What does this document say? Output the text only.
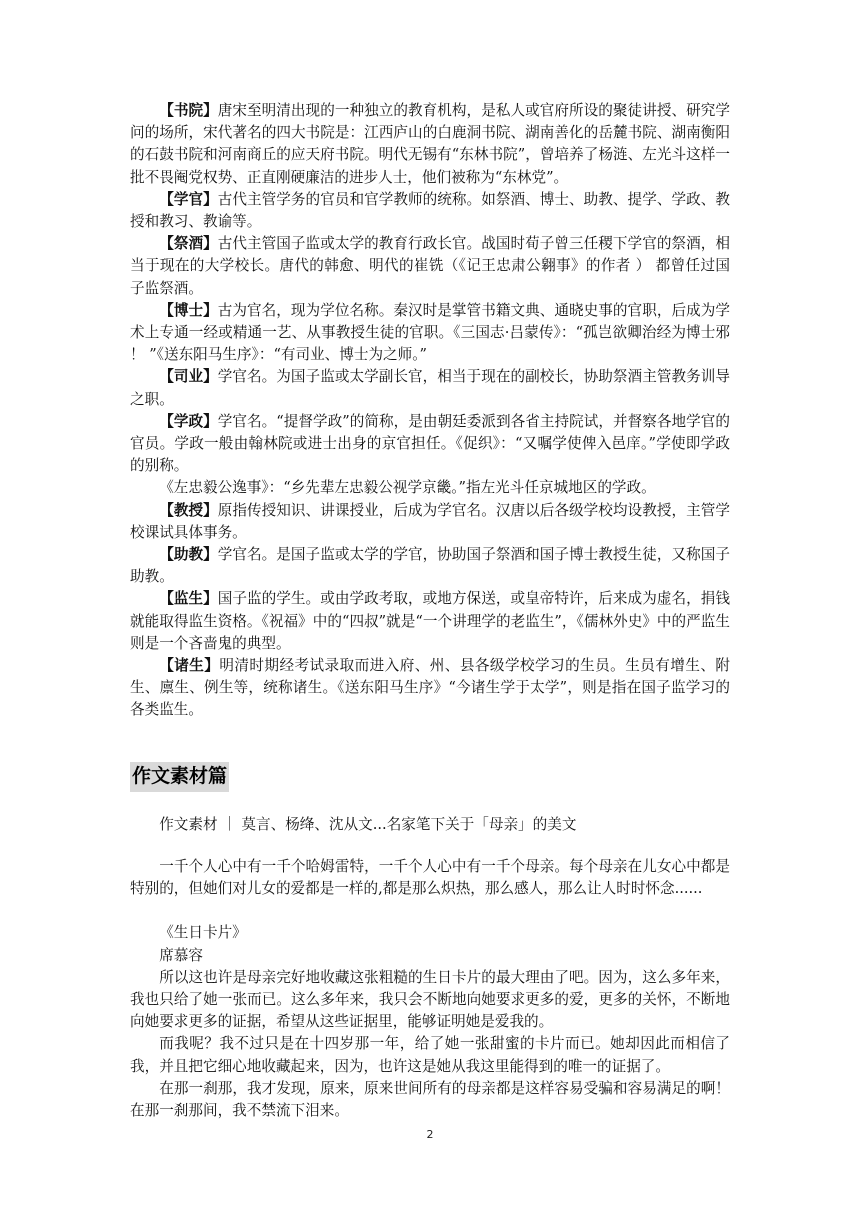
【书院】唐宋至明清出现的一种独立的教育机构，是私人或官府所设的聚徒讲授、研究学问的场所，宋代著名的四大书院是：江西庐山的白鹿洞书院、湖南善化的岳麓书院、湖南衡阳的石鼓书院和河南商丘的应天府书院。明代无锡有“东林书院”，曾培养了杨涟、左光斗这样一批不畏阉党权势、正直刚硬廉洁的进步人士，他们被称为“东林党”。

【学官】古代主管学务的官员和官学教师的统称。如祭酒、博士、助教、提学、学政、教授和教习、教谕等。

【祭酒】古代主管国子监或太学的教育行政长官。战国时荀子曾三任稷下学官的祭酒，相当于现在的大学校长。唐代的韩愈、明代的崔铣（《记王忠肃公翱事》的作者 ） 都曾任过国子监祭酒。

【博士】古为官名，现为学位名称。秦汉时是掌管书籍文典、通晓史事的官职，后成为学术上专通一经或精通一艺、从事教授生徒的官职。《三国志·吕蒙传》：“孤岂欲卿治经为博士邪 ！ ”《送东阳马生序》：“有司业、博士为之师。”

【司业】学官名。为国子监或太学副长官，相当于现在的副校长，协助祭酒主管教务训导之职。

【学政】学官名。“提督学政”的简称，是由朝廷委派到各省主持院试，并督察各地学官的官员。学政一般由翰林院或进士出身的京官担任。《促织》：“又嘱学使俾入邑庠。”学使即学政的别称。

《左忠毅公逸事》：“乡先辈左忠毅公视学京畿。”指左光斗任京城地区的学政。

【教授】原指传授知识、讲课授业，后成为学官名。汉唐以后各级学校均设教授，主管学校课试具体事务。

【助教】学官名。是国子监或太学的学官，协助国子祭酒和国子博士教授生徒，又称国子助教。

【监生】国子监的学生。或由学政考取，或地方保送，或皇帝特许，后来成为虚名，捐钱就能取得监生资格。《祝福》中的“四叔”就是“一个讲理学的老监生”，《儒林外史》中的严监生则是一个吝啬鬼的典型。

【诸生】明清时期经考试录取而进入府、州、县各级学校学习的生员。生员有增生、附生、廪生、例生等，统称诸生。《送东阳马生序》“今诸生学于太学”，则是指在国子监学习的各类监生。

作文素材篇

作文素材 ｜ 莫言、杨绛、沈从文...名家笔下关于「母亲」的美文

一千个人心中有一千个哈姆雷特，一千个人心中有一千个母亲。每个母亲在儿女心中都是特别的，但她们对儿女的爱都是一样的,都是那么炽热，那么感人，那么让人时时怀念......

《生日卡片》

席慕容

所以这也许是母亲完好地收藏这张粗糙的生日卡片的最大理由了吧。因为，这么多年来，我也只给了她一张而已。这么多年来，我只会不断地向她要求更多的爱，更多的关怀，不断地向她要求更多的证据，希望从这些证据里，能够证明她是爱我的。

而我呢？我不过只是在十四岁那一年，给了她一张甜蜜的卡片而已。她却因此而相信了我，并且把它细心地收藏起来，因为，也许这是她从我这里能得到的唯一的证据了。

在那一刹那，我才发现，原来，原来世间所有的母亲都是这样容易受骗和容易满足的啊！在那一刹那间，我不禁流下泪来。

2
